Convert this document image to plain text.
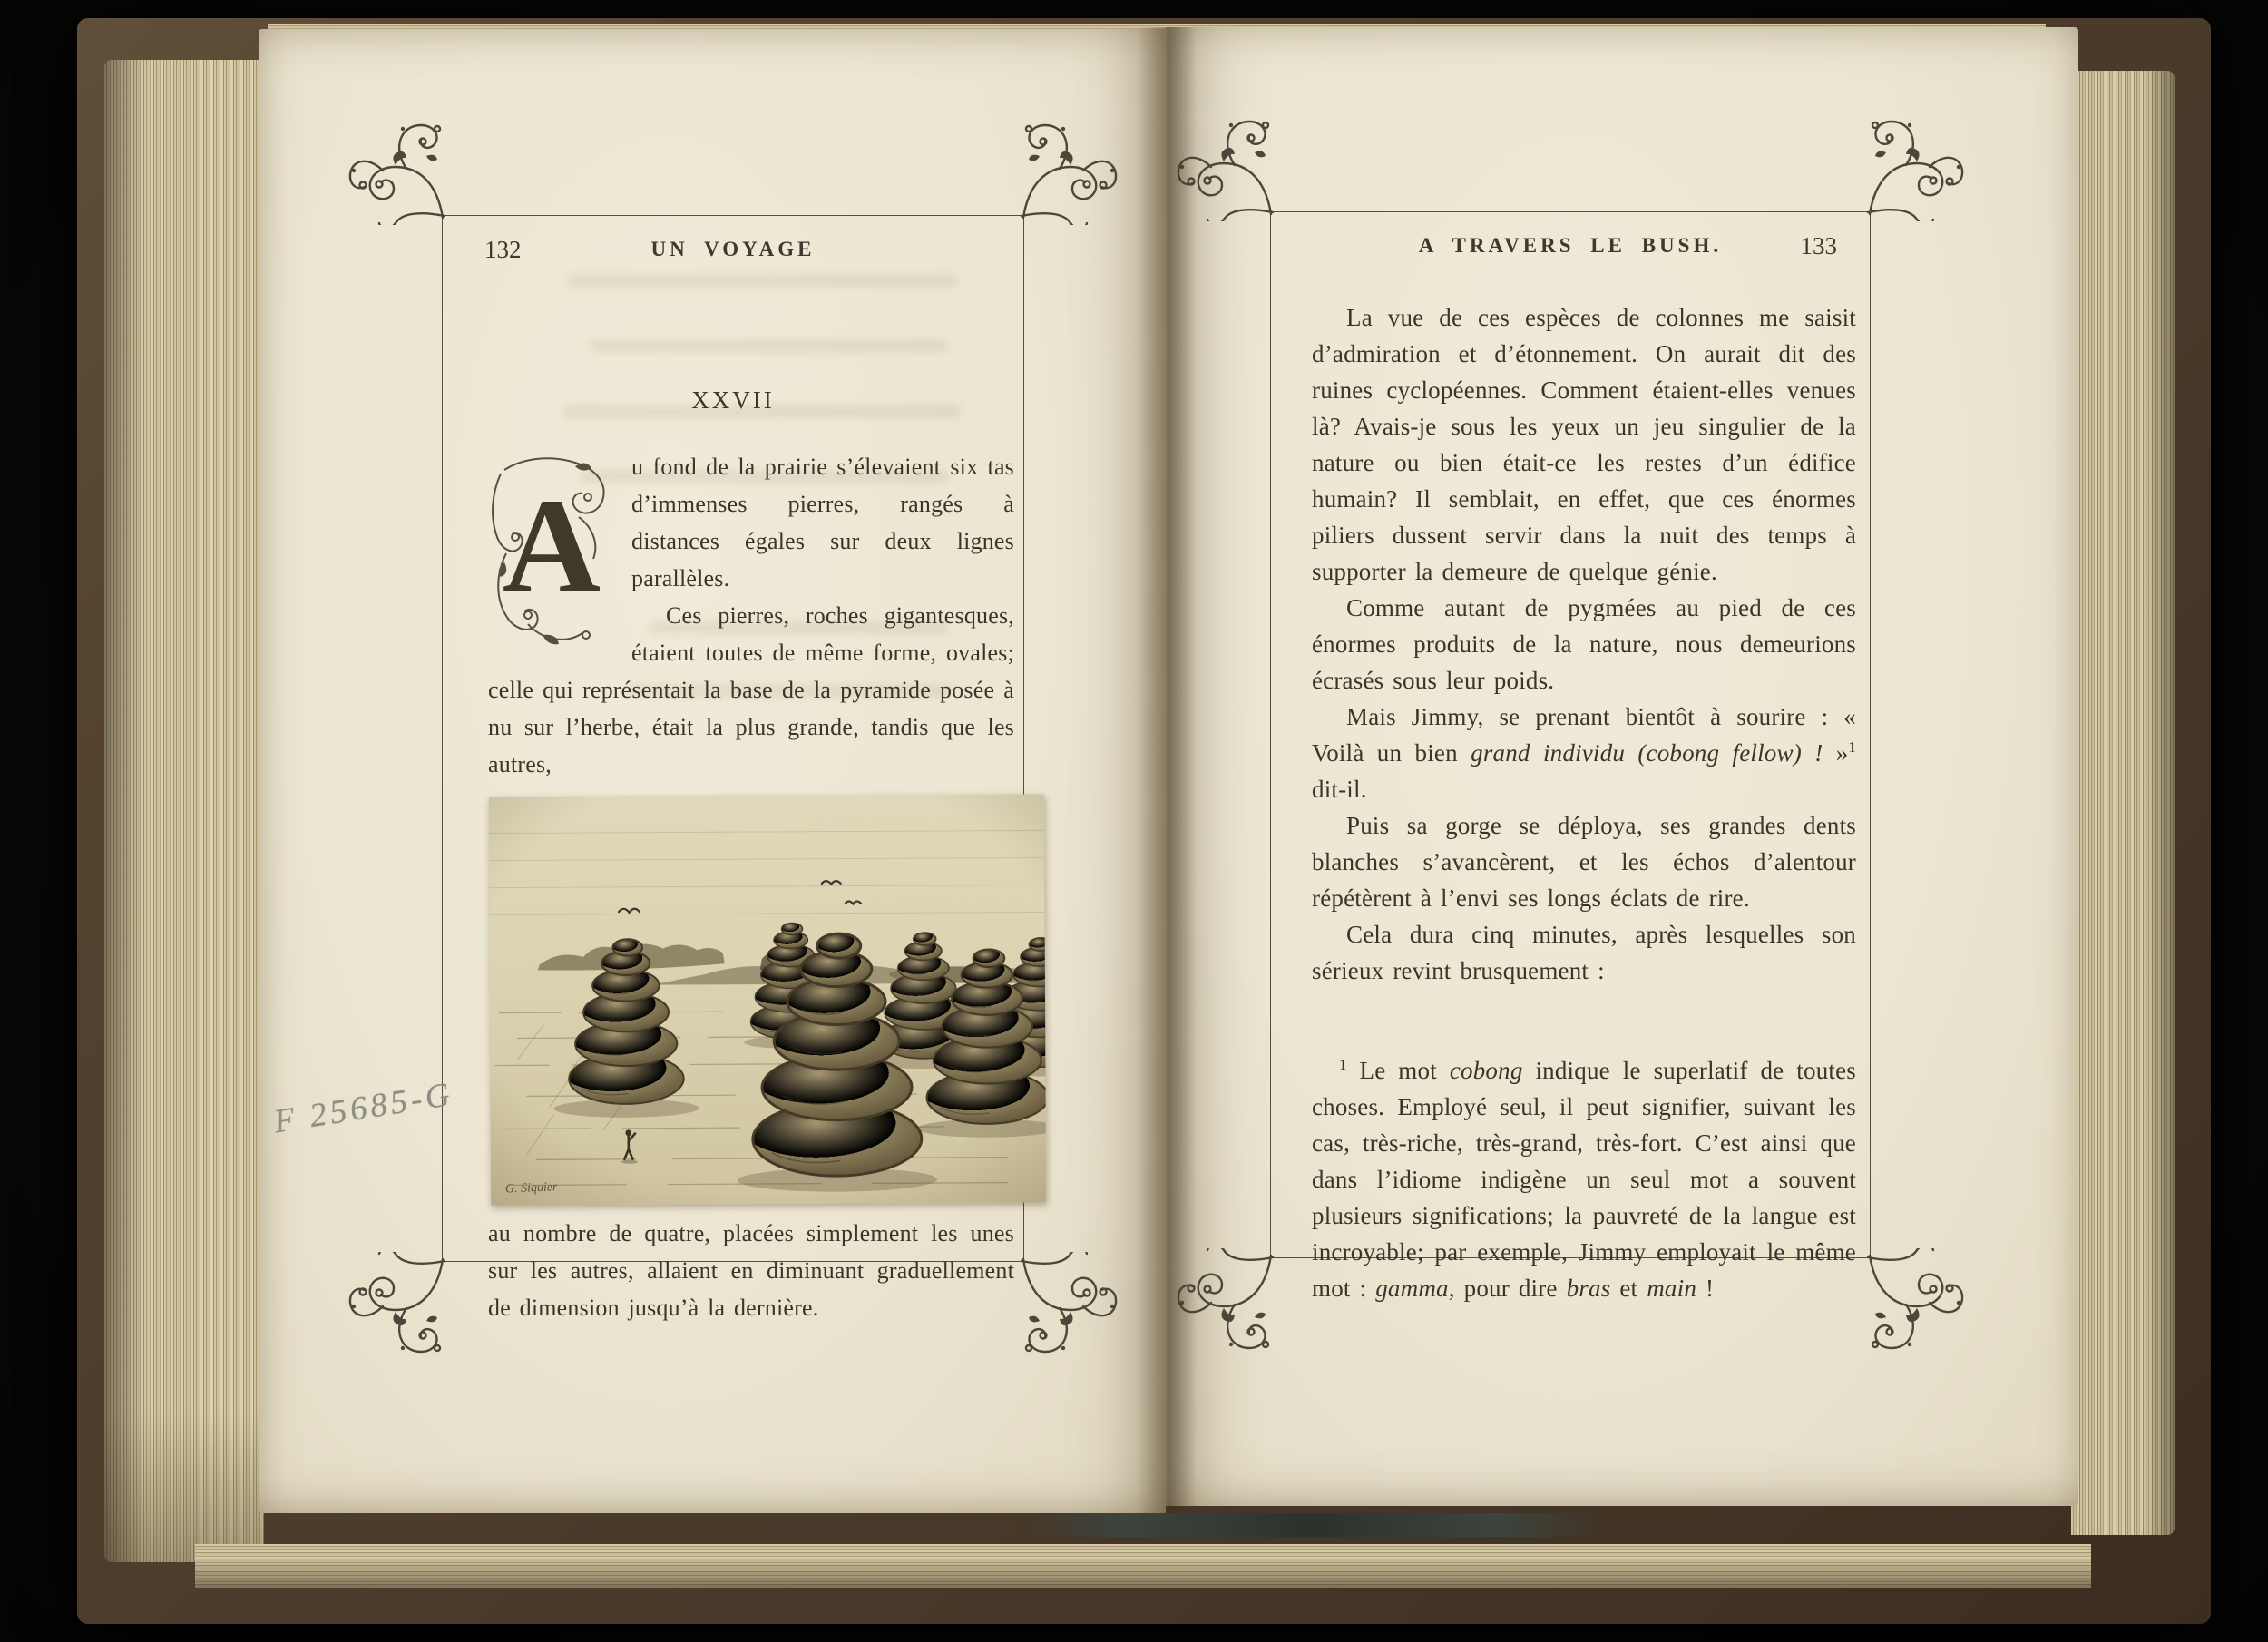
132	UN VOYAGE
XXVII

A
u fond de la prairie s’élevaient six tas d’immenses pierres, rangés à distances égales sur deux lignes parallèles.

Ces pierres, roches gigantesques, étaient toutes de même forme, ovales; celle qui représentait la base de la pyramide posée à nu sur l’herbe, était la plus grande, tandis que les autres,

G. Siquier

au nombre de quatre, placées simplement les unes sur les autres, allaient en diminuant graduellement de dimension jusqu’à la dernière.

F 25685-G
A TRAVERS LE BUSH.	133

La vue de ces espèces de colonnes me saisit d’admiration et d’étonnement. On aurait dit des ruines cyclopéennes. Comment étaient-elles venues là? Avais-je sous les yeux un jeu singulier de la nature ou bien était-ce les restes d’un édifice humain? Il semblait, en effet, que ces énormes piliers dussent servir dans la nuit des temps à supporter la demeure de quelque génie.

Comme autant de pygmées au pied de ces énormes produits de la nature, nous demeurions écrasés sous leur poids.

Mais Jimmy, se prenant bientôt à sourire : « Voilà un bien grand individu (cobong fellow) ! »$^1$ dit-il.

Puis sa gorge se déploya, ses grandes dents blanches s’avancèrent, et les échos d’alentour répétèrent à l’envi ses longs éclats de rire.

Cela dura cinq minutes, après lesquelles son sérieux revint brusquement :

$^1$ Le mot cobong indique le superlatif de toutes choses. Employé seul, il peut signifier, suivant les cas, très-riche, très-grand, très-fort. C’est ainsi que dans l’idiome indigène un seul mot a souvent plusieurs significations; la pauvreté de la langue est incroyable; par exemple, Jimmy employait le même mot : gamma, pour dire bras et main !
